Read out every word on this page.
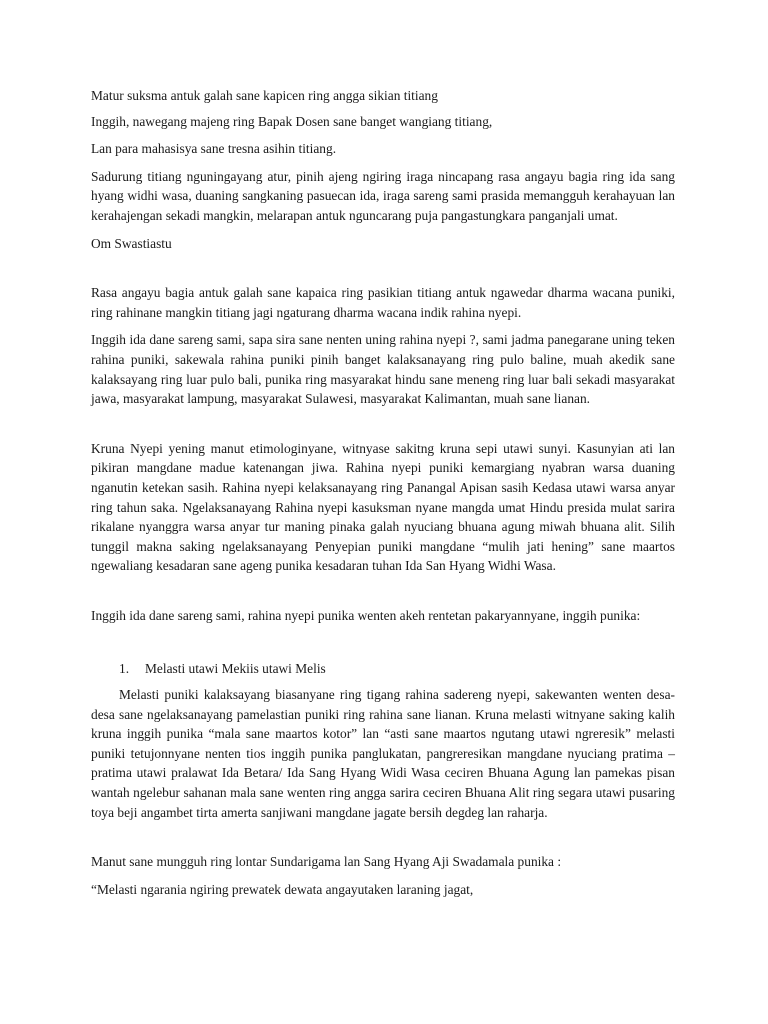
Matur suksma antuk galah sane kapicen ring angga sikian titiang

Inggih, nawegang majeng ring Bapak Dosen sane banget wangiang titiang,

Lan para mahasisya sane tresna asihin titiang.

Sadurung titiang nguningayang atur, pinih ajeng ngiring iraga nincapang rasa angayu bagia ring ida sang hyang widhi wasa, duaning sangkaning pasuecan ida, iraga sareng sami prasida memangguh kerahayuan lan kerahajengan sekadi mangkin, melarapan antuk nguncarang puja pangastungkara panganjali umat.

Om Swastiastu

Rasa angayu bagia antuk galah sane kapaica ring pasikian titiang antuk ngawedar dharma wacana puniki, ring rahinane mangkin titiang jagi ngaturang dharma wacana indik rahina nyepi.

Inggih ida dane sareng sami, sapa sira sane nenten uning rahina nyepi ?, sami jadma panegarane uning teken rahina puniki, sakewala rahina puniki pinih banget kalaksanayang ring pulo baline, muah akedik sane kalaksayang ring luar pulo bali, punika ring masyarakat hindu sane meneng ring luar bali sekadi masyarakat jawa, masyarakat lampung, masyarakat Sulawesi, masyarakat Kalimantan, muah sane lianan.

Kruna Nyepi yening manut etimologinyane, witnyase sakitng kruna sepi utawi sunyi. Kasunyian ati lan pikiran mangdane madue katenangan jiwa. Rahina nyepi puniki kemargiang nyabran warsa duaning nganutin ketekan sasih. Rahina nyepi kelaksanayang ring Panangal Apisan sasih Kedasa utawi warsa anyar ring tahun saka. Ngelaksanayang Rahina nyepi kasuksman nyane mangda umat Hindu presida mulat sarira rikalane nyanggra warsa anyar tur maning pinaka galah nyuciang bhuana agung miwah bhuana alit. Silih tunggil makna saking ngelaksanayang Penyepian puniki mangdane “mulih jati hening” sane maartos ngewaliang kesadaran sane ageng punika kesadaran tuhan Ida San Hyang Widhi Wasa.

Inggih ida dane sareng sami, rahina nyepi punika wenten akeh rentetan pakaryannyane, inggih punika:

1.	Melasti utawi Mekiis utawi Melis

Melasti puniki kalaksayang biasanyane ring tigang rahina sadereng nyepi, sakewanten wenten desa-desa sane ngelaksanayang pamelastian puniki ring rahina sane lianan. Kruna melasti witnyane saking kalih kruna inggih punika “mala sane maartos kotor” lan “asti sane maartos ngutang utawi ngreresik” melasti puniki tetujonnyane nenten tios inggih punika panglukatan, pangreresikan mangdane nyuciang pratima – pratima utawi pralawat Ida Betara/ Ida Sang Hyang Widi Wasa ceciren Bhuana Agung lan pamekas pisan wantah ngelebur sahanan mala sane wenten ring angga sarira ceciren Bhuana Alit ring segara utawi pusaring toya beji angambet tirta amerta sanjiwani mangdane jagate bersih degdeg lan raharja.

Manut sane mungguh ring lontar Sundarigama lan Sang Hyang Aji Swadamala punika :

“Melasti ngarania ngiring prewatek dewata angayutaken laraning jagat,
